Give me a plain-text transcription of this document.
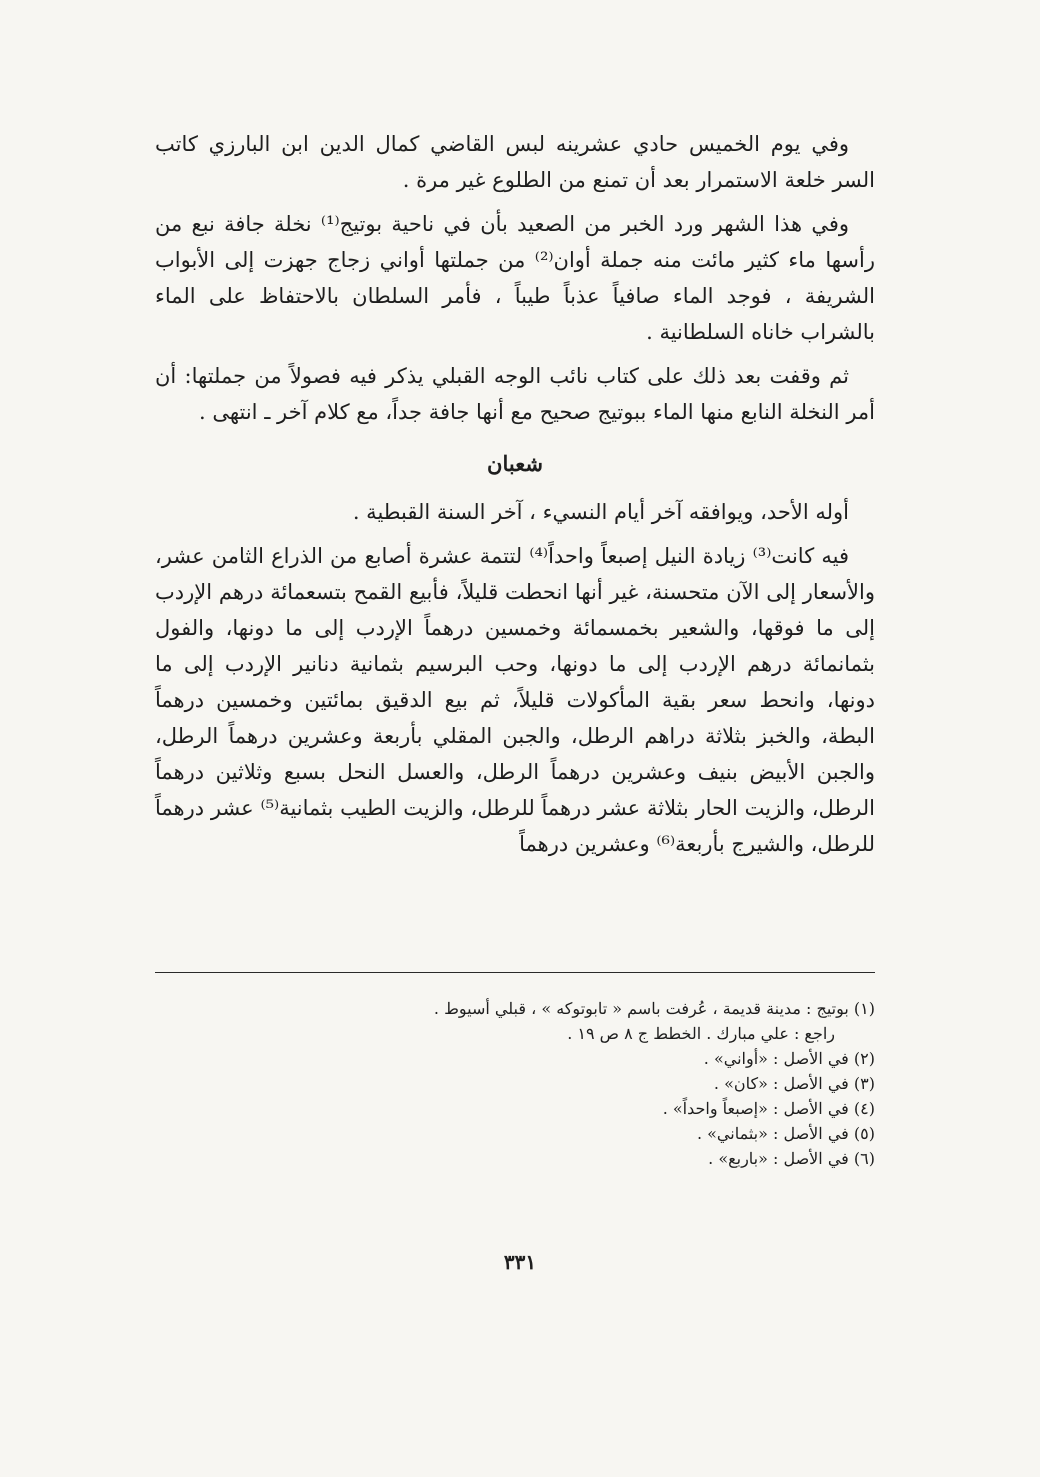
وفي يوم الخميس حادي عشرينه لبس القاضي كمال الدين ابن البارزي كاتب السر خلعة الاستمرار بعد أن تمنع من الطلوع غير مرة .

وفي هذا الشهر ورد الخبر من الصعيد بأن في ناحية بوتيج⁽¹⁾ نخلة جافة نبع من رأسها ماء كثير مائت منه جملة أوان⁽²⁾ من جملتها أواني زجاج جهزت إلى الأبواب الشريفة ، فوجد الماء صافياً عذباً طيباً ، فأمر السلطان بالاحتفاظ على الماء بالشراب خاناه السلطانية .

ثم وقفت بعد ذلك على كتاب نائب الوجه القبلي يذكر فيه فصولاً من جملتها: أن أمر النخلة النابع منها الماء ببوتيج صحيح مع أنها جافة جداً، مع كلام آخر ـ انتهى .

شعبان

أوله الأحد، ويوافقه آخر أيام النسيء ، آخر السنة القبطية .

فيه كانت⁽³⁾ زيادة النيل إصبعاً واحداً⁽⁴⁾ لتتمة عشرة أصابع من الذراع الثامن عشر، والأسعار إلى الآن متحسنة، غير أنها انحطت قليلاً، فأبيع القمح بتسعمائة درهم الإردب إلى ما فوقها، والشعير بخمسمائة وخمسين درهماً الإردب إلى ما دونها، والفول بثمانمائة درهم الإردب إلى ما دونها، وحب البرسيم بثمانية دنانير الإردب إلى ما دونها، وانحط سعر بقية المأكولات قليلاً، ثم بيع الدقيق بمائتين وخمسين درهماً البطة، والخبز بثلاثة دراهم الرطل، والجبن المقلي بأربعة وعشرين درهماً الرطل، والجبن الأبيض بنيف وعشرين درهماً الرطل، والعسل النحل بسبع وثلاثين درهماً الرطل، والزيت الحار بثلاثة عشر درهماً للرطل، والزيت الطيب بثمانية⁽⁵⁾ عشر درهماً للرطل، والشيرج بأربعة⁽⁶⁾ وعشرين درهماً

(١) بوتيج : مدينة قديمة ، عُرفت باسم « تابوتوكه » ، قبلي أسيوط .

راجع : علي مبارك . الخطط ج ٨ ص ١٩ .

(٢) في الأصل : «أواني» .

(٣) في الأصل : «كان» .

(٤) في الأصل : «إصبعاً واحداً» .

(٥) في الأصل : «بثماني» .

(٦) في الأصل : «باربع» .

٣٣١
